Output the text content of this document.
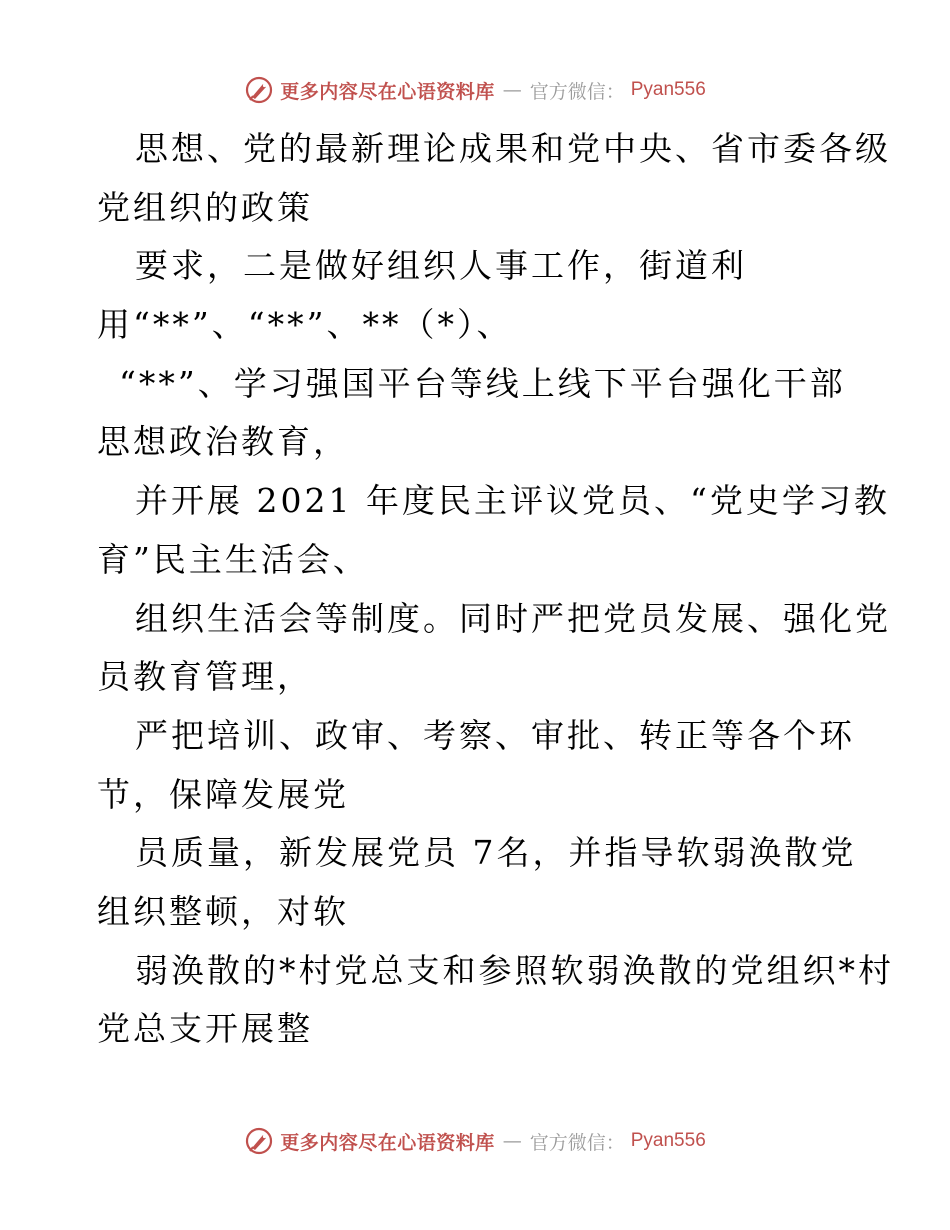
更多内容尽在心语资料库 — 官方微信： Pyan556
思想、党的最新理论成果和党中央、省市委各级
党组织的政策
要求，二是做好组织人事工作，街道利
用“**”、“**”、**（*）、
“**”、学习强国平台等线上线下平台强化干部
思想政治教育，
并开展 2021 年度民主评议党员、“党史学习教
育”民主生活会、
组织生活会等制度。同时严把党员发展、强化党
员教育管理，
严把培训、政审、考察、审批、转正等各个环
节，保障发展党
员质量，新发展党员 7名，并指导软弱涣散党
组织整顿，对软
弱涣散的*村党总支和参照软弱涣散的党组织*村
党总支开展整
更多内容尽在心语资料库 — 官方微信： Pyan556
